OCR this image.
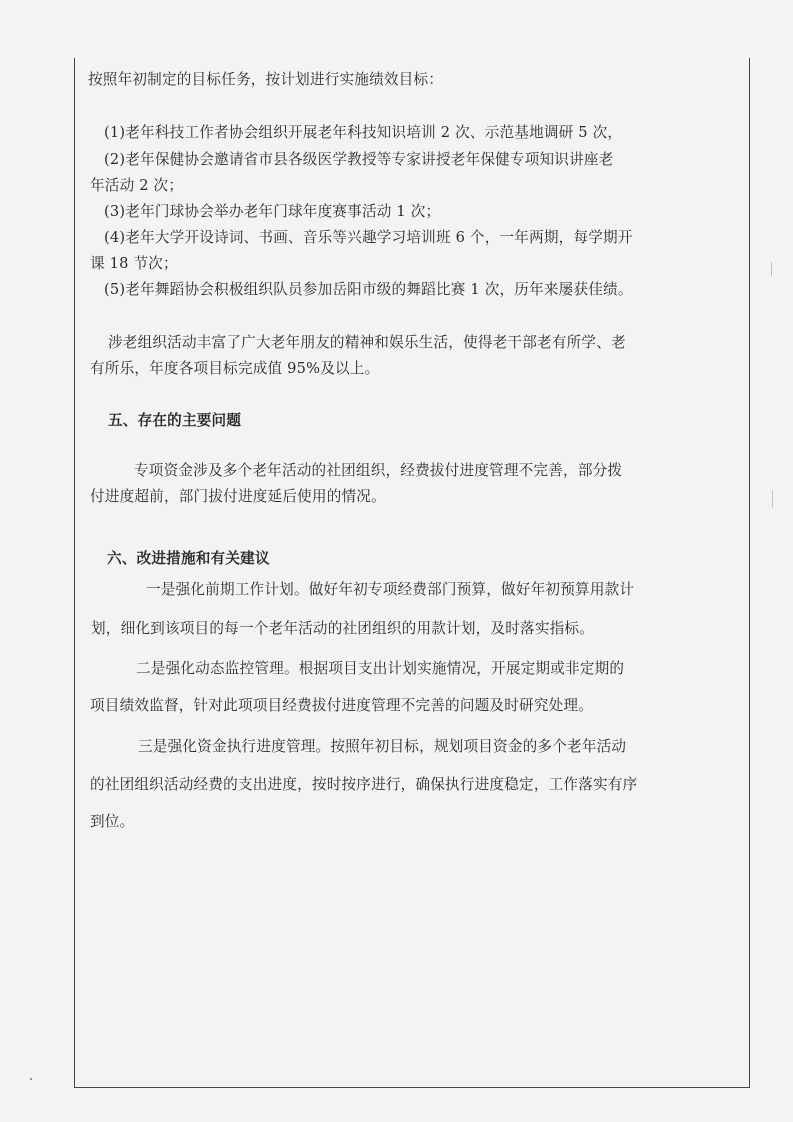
按照年初制定的目标任务，按计划进行实施绩效目标：
(1)老年科技工作者协会组织开展老年科技知识培训 2 次、示范基地调研 5 次，
(2)老年保健协会邀请省市县各级医学教授等专家讲授老年保健专项知识讲座老
年活动 2 次；
(3)老年门球协会举办老年门球年度赛事活动 1 次；
(4)老年大学开设诗词、书画、音乐等兴趣学习培训班 6 个，一年两期，每学期开
课 18 节次；
(5)老年舞蹈协会积极组织队员参加岳阳市级的舞蹈比赛 1 次，历年来屡获佳绩。
涉老组织活动丰富了广大老年朋友的精神和娱乐生活，使得老干部老有所学、老
有所乐，年度各项目标完成值 95%及以上。
五、存在的主要问题
专项资金涉及多个老年活动的社团组织，经费拔付进度管理不完善，部分拨
付进度超前，部门拔付进度延后使用的情况。
六、改进措施和有关建议
一是强化前期工作计划。做好年初专项经费部门预算，做好年初预算用款计
划，细化到该项目的每一个老年活动的社团组织的用款计划，及时落实指标。
二是强化动态监控管理。根据项目支出计划实施情况，开展定期或非定期的
项目绩效监督，针对此项项目经费拔付进度管理不完善的问题及时研究处理。
三是强化资金执行进度管理。按照年初目标，规划项目资金的多个老年活动
的社团组织活动经费的支出进度，按时按序进行，确保执行进度稳定，工作落实有序
到位。
